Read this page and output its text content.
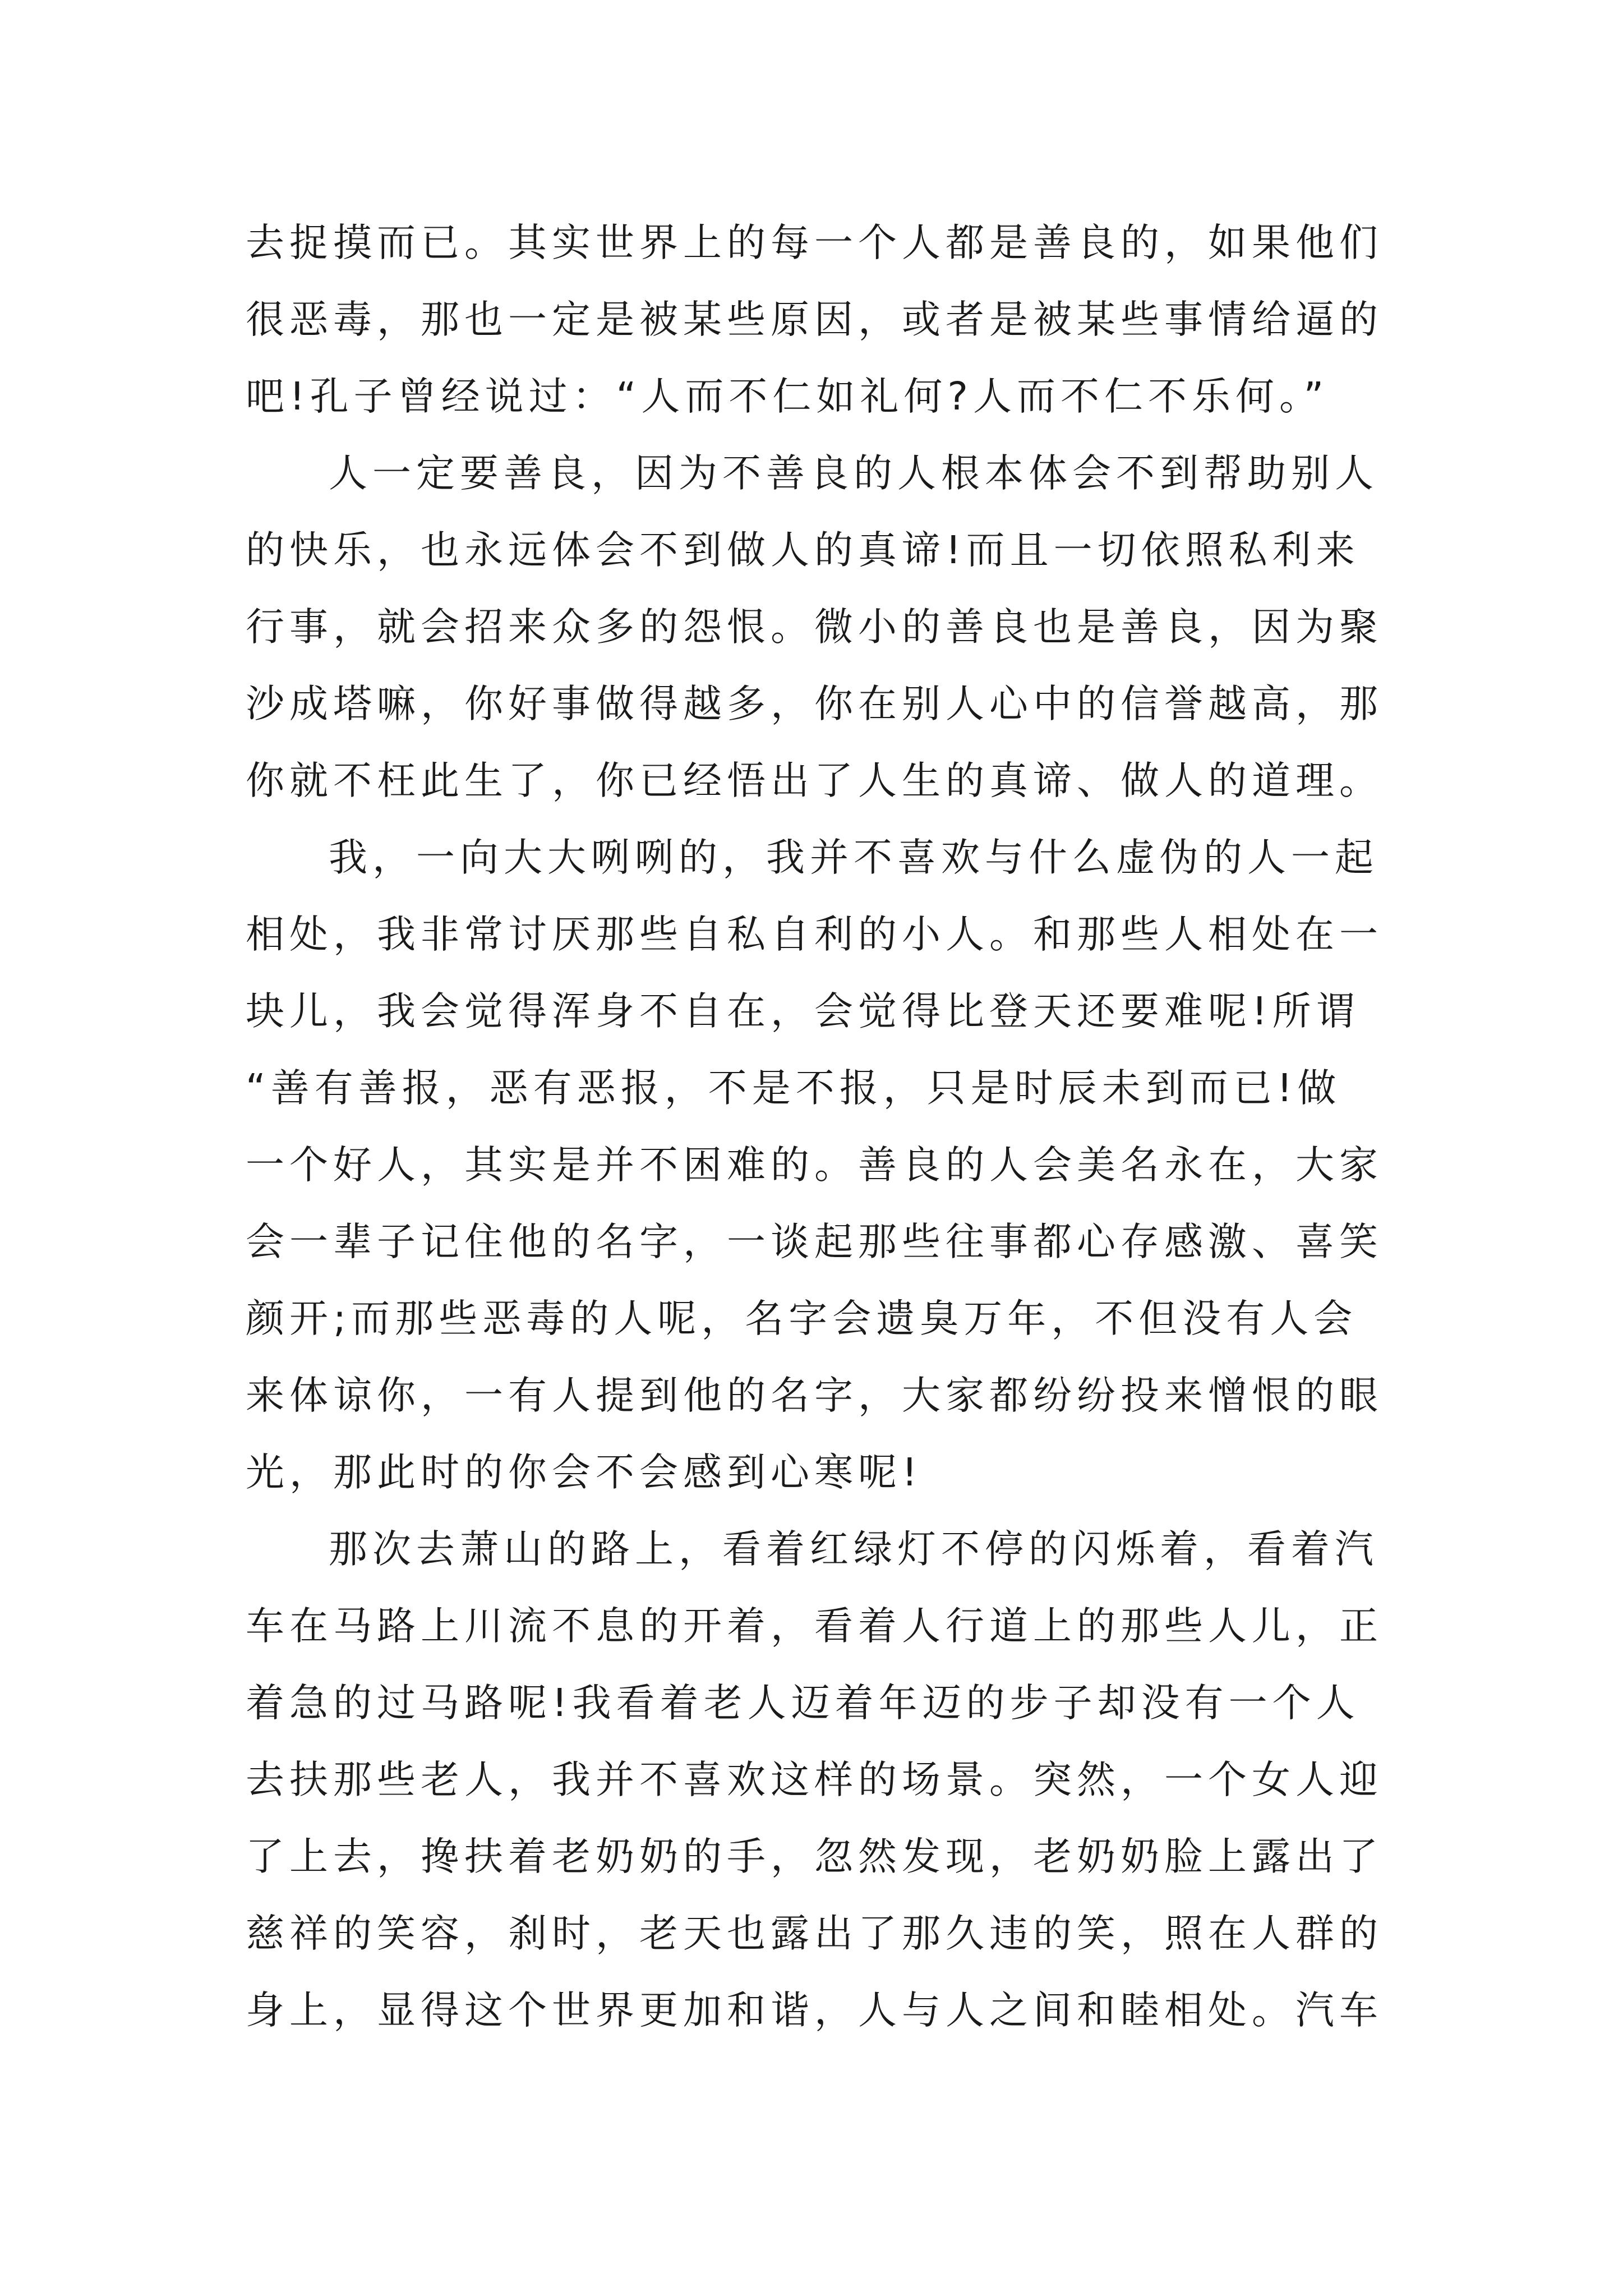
去捉摸而已。其实世界上的每一个人都是善良的，如果他们
很恶毒，那也一定是被某些原因，或者是被某些事情给逼的
吧!孔子曾经说过：“人而不仁如礼何?人而不仁不乐何。”
人一定要善良，因为不善良的人根本体会不到帮助别人
的快乐，也永远体会不到做人的真谛!而且一切依照私利来
行事，就会招来众多的怨恨。微小的善良也是善良，因为聚
沙成塔嘛，你好事做得越多，你在别人心中的信誉越高，那
你就不枉此生了，你已经悟出了人生的真谛、做人的道理。
我，一向大大咧咧的，我并不喜欢与什么虚伪的人一起
相处，我非常讨厌那些自私自利的小人。和那些人相处在一
块儿，我会觉得浑身不自在，会觉得比登天还要难呢!所谓
“善有善报，恶有恶报，不是不报，只是时辰未到而已!做
一个好人，其实是并不困难的。善良的人会美名永在，大家
会一辈子记住他的名字，一谈起那些往事都心存感激、喜笑
颜开;而那些恶毒的人呢，名字会遗臭万年，不但没有人会
来体谅你，一有人提到他的名字，大家都纷纷投来憎恨的眼
光，那此时的你会不会感到心寒呢!
那次去萧山的路上，看着红绿灯不停的闪烁着，看着汽
车在马路上川流不息的开着，看着人行道上的那些人儿，正
着急的过马路呢!我看着老人迈着年迈的步子却没有一个人
去扶那些老人，我并不喜欢这样的场景。突然，一个女人迎
了上去，搀扶着老奶奶的手，忽然发现，老奶奶脸上露出了
慈祥的笑容，刹时，老天也露出了那久违的笑，照在人群的
身上，显得这个世界更加和谐，人与人之间和睦相处。汽车
